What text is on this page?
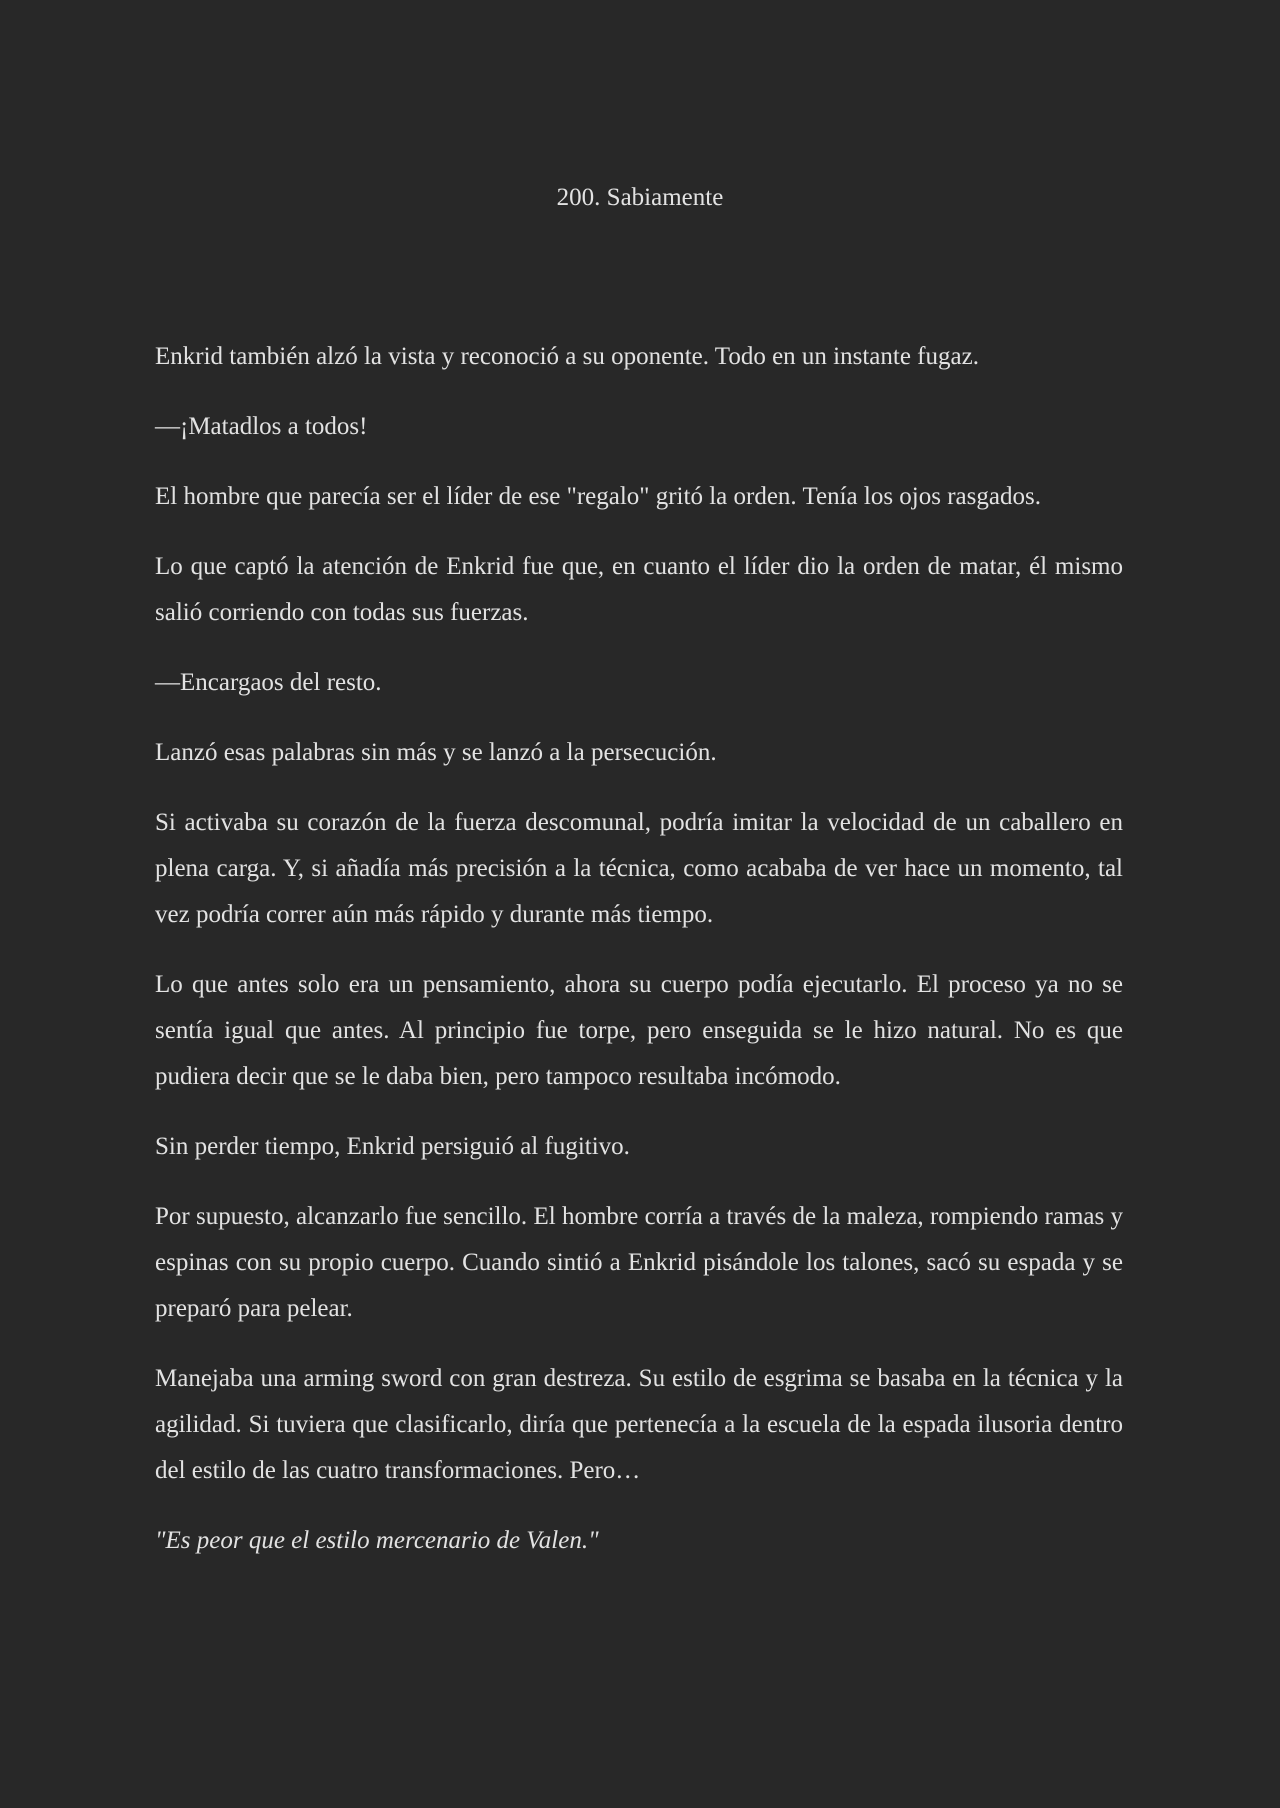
200. Sabiamente

Enkrid también alzó la vista y reconoció a su oponente. Todo en un instante fugaz.

—¡Matadlos a todos!

El hombre que parecía ser el líder de ese "regalo" gritó la orden. Tenía los ojos rasgados.

Lo que captó la atención de Enkrid fue que, en cuanto el líder dio la orden de matar, él mismo salió corriendo con todas sus fuerzas.

—Encargaos del resto.

Lanzó esas palabras sin más y se lanzó a la persecución.

Si activaba su corazón de la fuerza descomunal, podría imitar la velocidad de un caballero en plena carga. Y, si añadía más precisión a la técnica, como acababa de ver hace un momento, tal vez podría correr aún más rápido y durante más tiempo.

Lo que antes solo era un pensamiento, ahora su cuerpo podía ejecutarlo. El proceso ya no se sentía igual que antes. Al principio fue torpe, pero enseguida se le hizo natural. No es que pudiera decir que se le daba bien, pero tampoco resultaba incómodo.

Sin perder tiempo, Enkrid persiguió al fugitivo.

Por supuesto, alcanzarlo fue sencillo. El hombre corría a través de la maleza, rompiendo ramas y espinas con su propio cuerpo. Cuando sintió a Enkrid pisándole los talones, sacó su espada y se preparó para pelear.

Manejaba una arming sword con gran destreza. Su estilo de esgrima se basaba en la técnica y la agilidad. Si tuviera que clasificarlo, diría que pertenecía a la escuela de la espada ilusoria dentro del estilo de las cuatro transformaciones. Pero…

"Es peor que el estilo mercenario de Valen."
